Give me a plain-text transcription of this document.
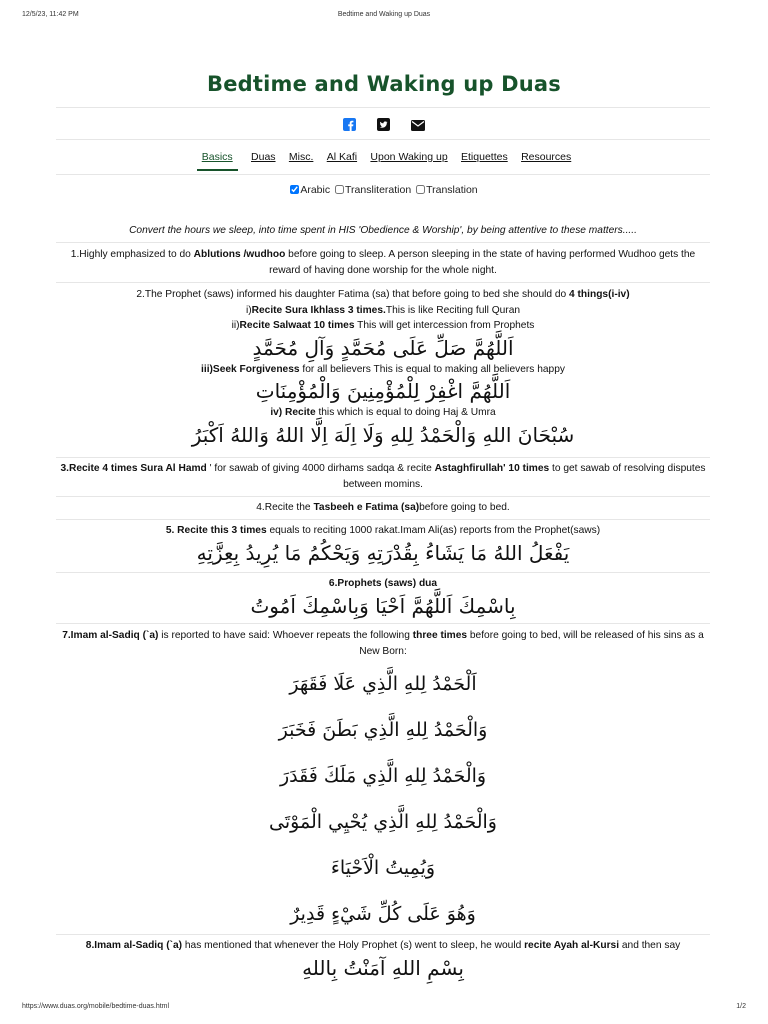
12/5/23, 11:42 PM	Bedtime and Waking up Duas
Bedtime and Waking up Duas

Basics Duas Misc. Al Kafi Upon Waking up Etiquettes Resources
Arabic Transliteration Translation
Convert the hours we sleep, into time spent in HIS 'Obedience & Worship', by being attentive to these matters.....
1.Highly emphasized to do Ablutions /wudhoo before going to sleep. A person sleeping in the state of having performed Wudhoo gets the reward of having done worship for the whole night.
2.The Prophet (saws) informed his daughter Fatima (sa) that before going to bed she should do 4 things(i-iv)
i)Recite Sura Ikhlass 3 times.This is like Reciting full Quran
ii)Recite Salwaat 10 times This will get intercession from Prophets
اَللَّهُمَّ صَلِّ عَلَى مُحَمَّدٍ وَآلِ مُحَمَّدٍ
iii)Seek Forgiveness for all believers This is equal to making all believers happy
اَللَّهُمَّ اغْفِرْ لِلْمُؤْمِنِينَ وَالْمُؤْمِنَاتِ
iv) Recite this which is equal to doing Haj & Umra
سُبْحَانَ اللهِ وَالْحَمْدُ لِلهِ وَلَا اِلَهَ اِلَّا اللهُ وَاللهُ اَكْبَرُ
3.Recite 4 times Sura Al Hamd ' for sawab of giving 4000 dirhams sadqa & recite Astaghfirullah' 10 times to get sawab of resolving disputes between momins.
4.Recite the Tasbeeh e Fatima (sa)before going to bed.
5. Recite this 3 times equals to reciting 1000 rakat.Imam Ali(as) reports from the Prophet(saws)
يَفْعَلُ اللهُ مَا يَشَاءُ بِقُدْرَتِهِ وَيَحْكُمُ مَا يُرِيدُ بِعِزَّتِهِ
6.Prophets (saws) dua
بِاسْمِكَ اَللَّهُمَّ اَحْيَا وَبِاسْمِكَ اَمُوتُ
7.Imam al-Sadiq (`a) is reported to have said: Whoever repeats the following three times before going to bed, will be released of his sins as a New Born:
اَلْحَمْدُ لِلهِ الَّذِي عَلَا فَقَهَرَ
وَالْحَمْدُ لِلهِ الَّذِي بَطَنَ فَخَبَرَ
وَالْحَمْدُ لِلهِ الَّذِي مَلَكَ فَقَدَرَ
وَالْحَمْدُ لِلهِ الَّذِي يُحْيِي الْمَوْتَى
وَيُمِيتُ الْاَحْيَاءَ
وَهُوَ عَلَى كُلِّ شَيْءٍ قَدِيرٌ
8.Imam al-Sadiq (`a) has mentioned that whenever the Holy Prophet (s) went to sleep, he would recite Ayah al-Kursi and then say
بِسْمِ اللهِ آمَنْتُ بِاللهِ
https://www.duas.org/mobile/bedtime-duas.html	1/2
